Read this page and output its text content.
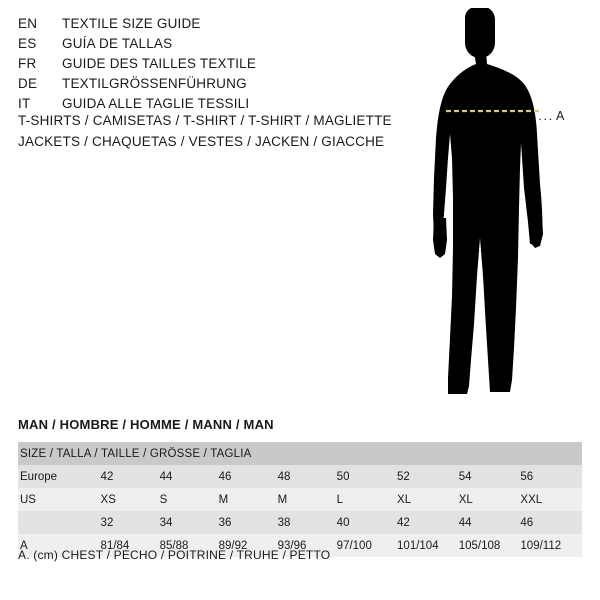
EN	TEXTILE SIZE GUIDE
ES	GUÍA DE TALLAS
FR	GUIDE DES TAILLES TEXTILE
DE	TEXTILGRÖSSENFÜHRUNG
IT	GUIDA ALLE TAGLIE TESSILI
T-SHIRTS / CAMISETAS / T-SHIRT / T-SHIRT / MAGLIETTE
JACKETS / CHAQUETAS / VESTES / JACKEN / GIACCHE
··· A
MAN / HOMBRE / HOMME / MANN / MAN
SIZE / TALLA / TAILLE / GRÖSSE / TAGLIA								
Europe	42	44	46	48	50	52	54	56
US	XS	S	M	M	L	XL	XL	XXL
	32	34	36	38	40	42	44	46
A	81/84	85/88	89/92	93/96	97/100	101/104	105/108	109/112
A. (cm) CHEST / PECHO / POITRINE / TRUHE / PETTO
